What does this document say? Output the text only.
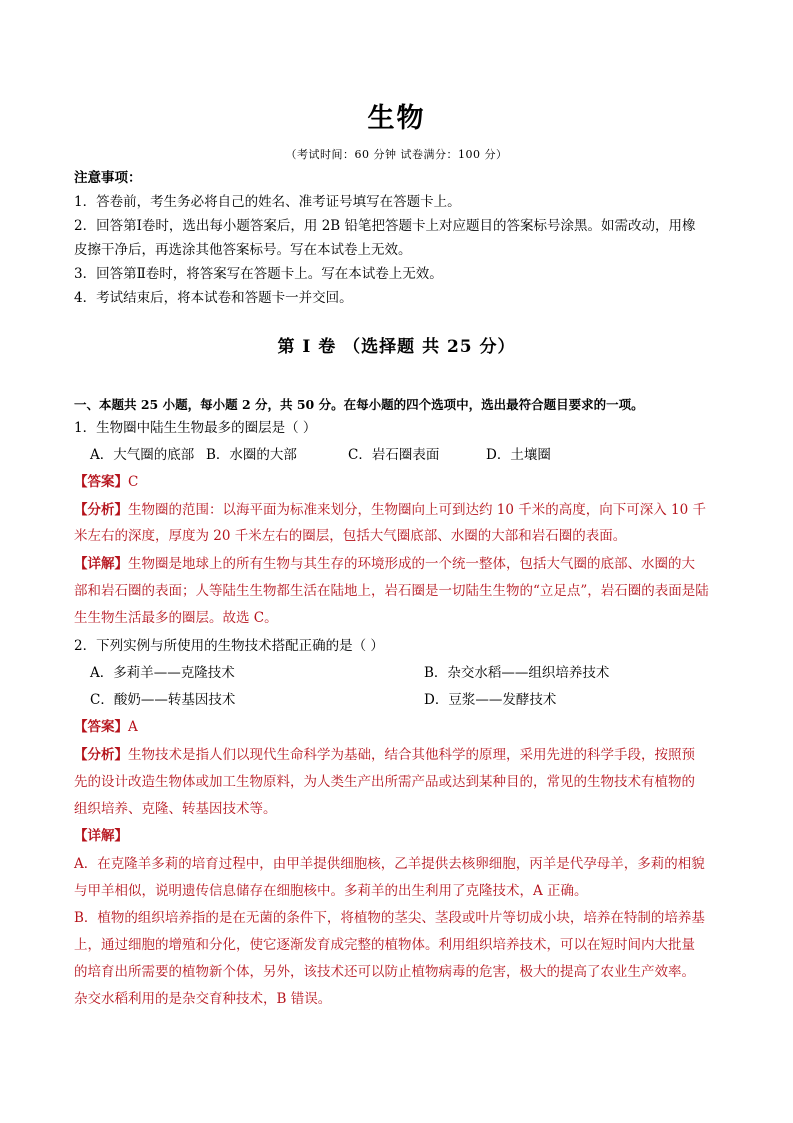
生物
（考试时间：60 分钟 试卷满分：100 分）
注意事项：
1．答卷前，考生务必将自己的姓名、准考证号填写在答题卡上。
2．回答第Ⅰ卷时，选出每小题答案后，用 2B 铅笔把答题卡上对应题目的答案标号涂黑。如需改动，用橡
皮擦干净后，再选涂其他答案标号。写在本试卷上无效。
3．回答第Ⅱ卷时，将答案写在答题卡上。写在本试卷上无效。
4．考试结束后，将本试卷和答题卡一并交回。
第 I 卷 （选择题 共 25 分）
一、本题共 25 小题，每小题 2 分，共 50 分。在每小题的四个选项中，选出最符合题目要求的一项。
1．生物圈中陆生生物最多的圈层是（ ）
A．大气圈的底部 B．水圈的大部	C．岩石圈表面	D．土壤圈
【答案】C
【分析】生物圈的范围：以海平面为标准来划分，生物圈向上可到达约 10 千米的高度，向下可深入 10 千
米左右的深度，厚度为 20 千米左右的圈层，包括大气圈底部、水圈的大部和岩石圈的表面。
【详解】生物圈是地球上的所有生物与其生存的环境形成的一个统一整体，包括大气圈的底部、水圈的大
部和岩石圈的表面；人等陆生生物都生活在陆地上，岩石圈是一切陆生生物的“立足点”，岩石圈的表面是陆
生生物生活最多的圈层。故选 C。
2．下列实例与所使用的生物技术搭配正确的是（ ）
A．多莉羊——克隆技术	B．杂交水稻——组织培养技术
C．酸奶——转基因技术	D．豆浆——发酵技术
【答案】A
【分析】生物技术是指人们以现代生命科学为基础，结合其他科学的原理，采用先进的科学手段，按照预
先的设计改造生物体或加工生物原料，为人类生产出所需产品或达到某种目的，常见的生物技术有植物的
组织培养、克隆、转基因技术等。
【详解】
A．在克隆羊多莉的培育过程中，由甲羊提供细胞核，乙羊提供去核卵细胞，丙羊是代孕母羊，多莉的相貌
与甲羊相似，说明遗传信息储存在细胞核中。多莉羊的出生利用了克隆技术，A 正确。
B．植物的组织培养指的是在无菌的条件下，将植物的茎尖、茎段或叶片等切成小块，培养在特制的培养基
上，通过细胞的增殖和分化，使它逐渐发育成完整的植物体。利用组织培养技术，可以在短时间内大批量
的培育出所需要的植物新个体，另外，该技术还可以防止植物病毒的危害，极大的提高了农业生产效率。
杂交水稻利用的是杂交育种技术，B 错误。
